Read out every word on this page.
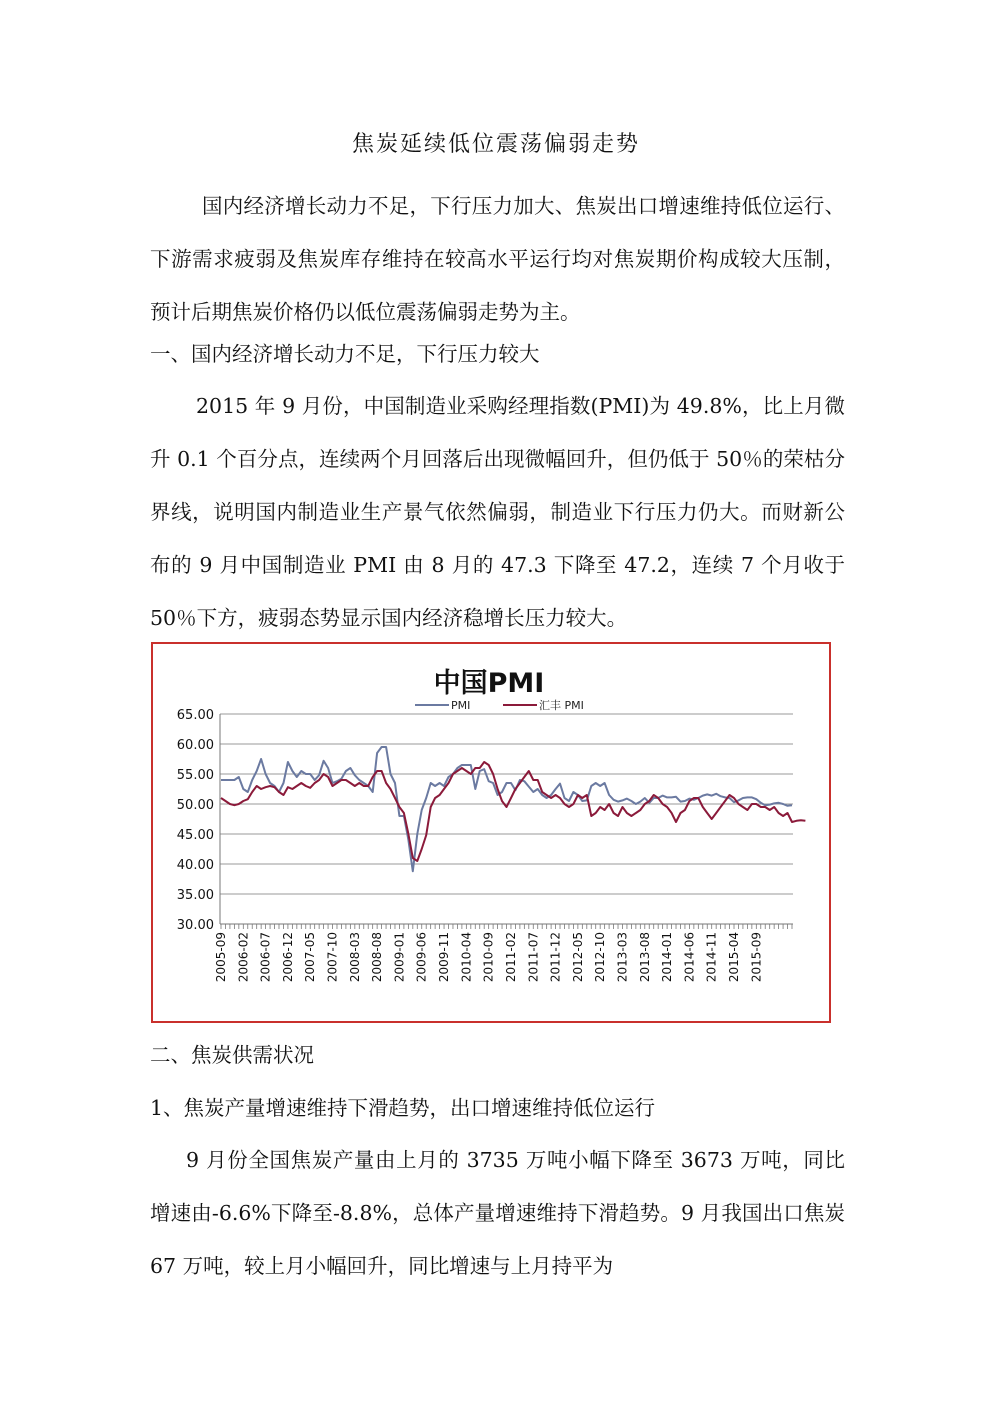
焦炭延续低位震荡偏弱走势
国内经济增长动力不足，下行压力加大、焦炭出口增速维持低位运行、下游需求疲弱及焦炭库存维持在较高水平运行均对焦炭期价构成较大压制，预计后期焦炭价格仍以低位震荡偏弱走势为主。
一、国内经济增长动力不足，下行压力较大
2015 年 9 月份，中国制造业采购经理指数(PMI)为 49.8%，比上月微升 0.1 个百分点，连续两个月回落后出现微幅回升，但仍低于 50％的荣枯分界线，说明国内制造业生产景气依然偏弱，制造业下行压力仍大。而财新公布的 9 月中国制造业 PMI 由 8 月的 47.3 下降至 47.2，连续 7 个月收于 50％下方，疲弱态势显示国内经济稳增长压力较大。
中国PMI
PMI	汇丰 PMI
30.00
35.00
40.00
45.00
50.00
55.00
60.00
65.00
2005-09 2006-02 2006-07 2006-12 2007-05 2007-10 2008-03 2008-08 2009-01 2009-06 2009-11 2010-04 2010-09 2011-02 2011-07 2011-12 2012-05 2012-10 2013-03 2013-08 2014-01 2014-06 2014-11 2015-04 2015-09
二、焦炭供需状况
1、焦炭产量增速维持下滑趋势，出口增速维持低位运行
9 月份全国焦炭产量由上月的 3735 万吨小幅下降至 3673 万吨，同比增速由-6.6%下降至-8.8%，总体产量增速维持下滑趋势。9 月我国出口焦炭 67 万吨，较上月小幅回升，同比增速与上月持平为
